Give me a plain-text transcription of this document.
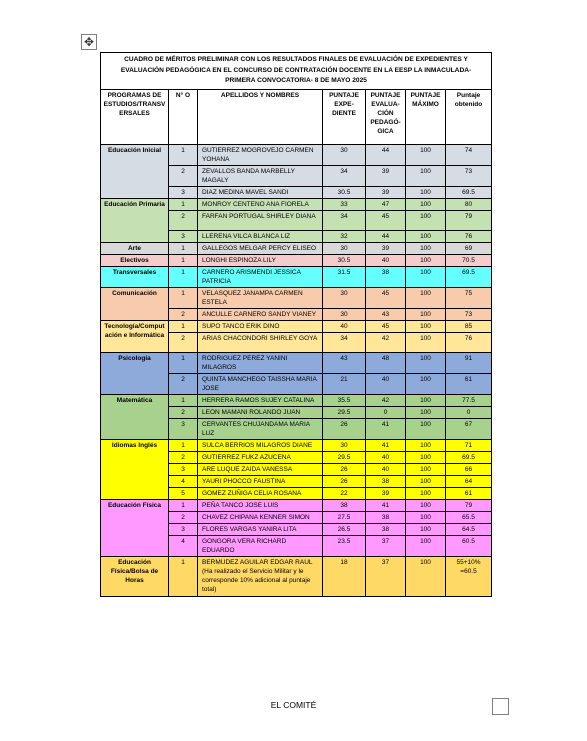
✥
CUADRO DE MÉRITOS PRELIMINAR CON LOS RESULTADOS FINALES DE EVALUACIÓN DE EXPEDIENTES Y EVALUACIÓN PEDAGÓGICA EN EL CONCURSO DE CONTRATACIÓN DOCENTE EN LA EESP LA INMACULADA- PRIMERA CONVOCATORIA- 8 DE MAYO 2025						
PROGRAMAS DE ESTUDIOS/TRANSVERSALES	N° O	APELLIDOS Y NOMBRES	PUNTAJE EXPE- DIENTE	PUNTAJE EVALUA- CIÓN PEDAGÓ- GICA	PUNTAJE MÁXIMO	Puntaje obtenido
Educación Inicial	1	GUTIERREZ MOGROVEJO CARMEN YOHANA	30	44	100	74
	2	ZEVALLOS BANDA MARBELLY MAGALY	34	39	100	73
	3	DIAZ MEDINA MAVEL SANDI	30.5	39	100	69.5
Educación Primaria	1	MONROY CENTENO ANA FIORELA	33	47	100	80
	2	FARFAN PORTUGAL SHIRLEY DIANA	34	45	100	79
	3	LLERENA VILCA BLANCA LIZ	32	44	100	76
Arte	1	GALLEGOS MELGAR PERCY ELISEO	30	39	100	69
Electivos	1	LONGHI ESPINOZA LILY	30.5	40	100	70.5
Transversales	1	CARNERO ARISMENDI JESSICA PATRICIA	31.5	38	100	69.5
Comunicación	1	VELASQUEZ JANAMPA CARMEN ESTELA	30	45	100	75
	2	ANCULLE CARNERO SANDY VIANEY	30	43	100	73
Tecnología/Computación e Informática	1	SUPO TANCO ERIK DINO	40	45	100	85
	2	ARIAS CHACONDORI SHIRLEY GOYA	34	42	100	76
Psicología	1	RODRIGUEZ PEREZ YANINI MILAGROS	43	48	100	91
	2	QUINTA MANCHEGO TAISSHA MARIA JOSE	21	40	100	61
Matemática	1	HERRERA RAMOS SUJEY CATALINA	35.5	42	100	77.5
	2	LEON MAMANI ROLANDO JUAN	29.5	0	100	0
	3	CERVANTES CHUJANDAMA MARIA LUZ	26	41	100	67
Idiomas Inglés	1	SULCA BERRIOS MILAGROS DIANE	30	41	100	71
	2	GUTIERREZ FUKZ AZUCENA	29.5	40	100	69.5
	3	ARE LUQUE ZAIDA VANESSA	26	40	100	66
	4	YAURI PHOCCO FAUSTINA	26	38	100	64
	5	GOMEZ ZUÑIGA CELIA ROSANA	22	39	100	61
Educación Física	1	PEÑA TANCO JOSE LUIS	38	41	100	79
	2	CHAVEZ CHIPANA KENNER SIMON	27.5	38	100	65.5
	3	FLORES VARGAS YANIRA LITA	26.5	38	100	64.5
	4	GONGORA VERA RICHARD EDUARDO	23.5	37	100	60.5
Educación Física/Bolsa de Horas	1	BERMUDEZ AGUILAR EDGAR RAUL (Ha realizado el Servicio Militar y le corresponde 10% adicional al puntaje total)	18	37	100	55+10% =60.5
EL COMITÉ
